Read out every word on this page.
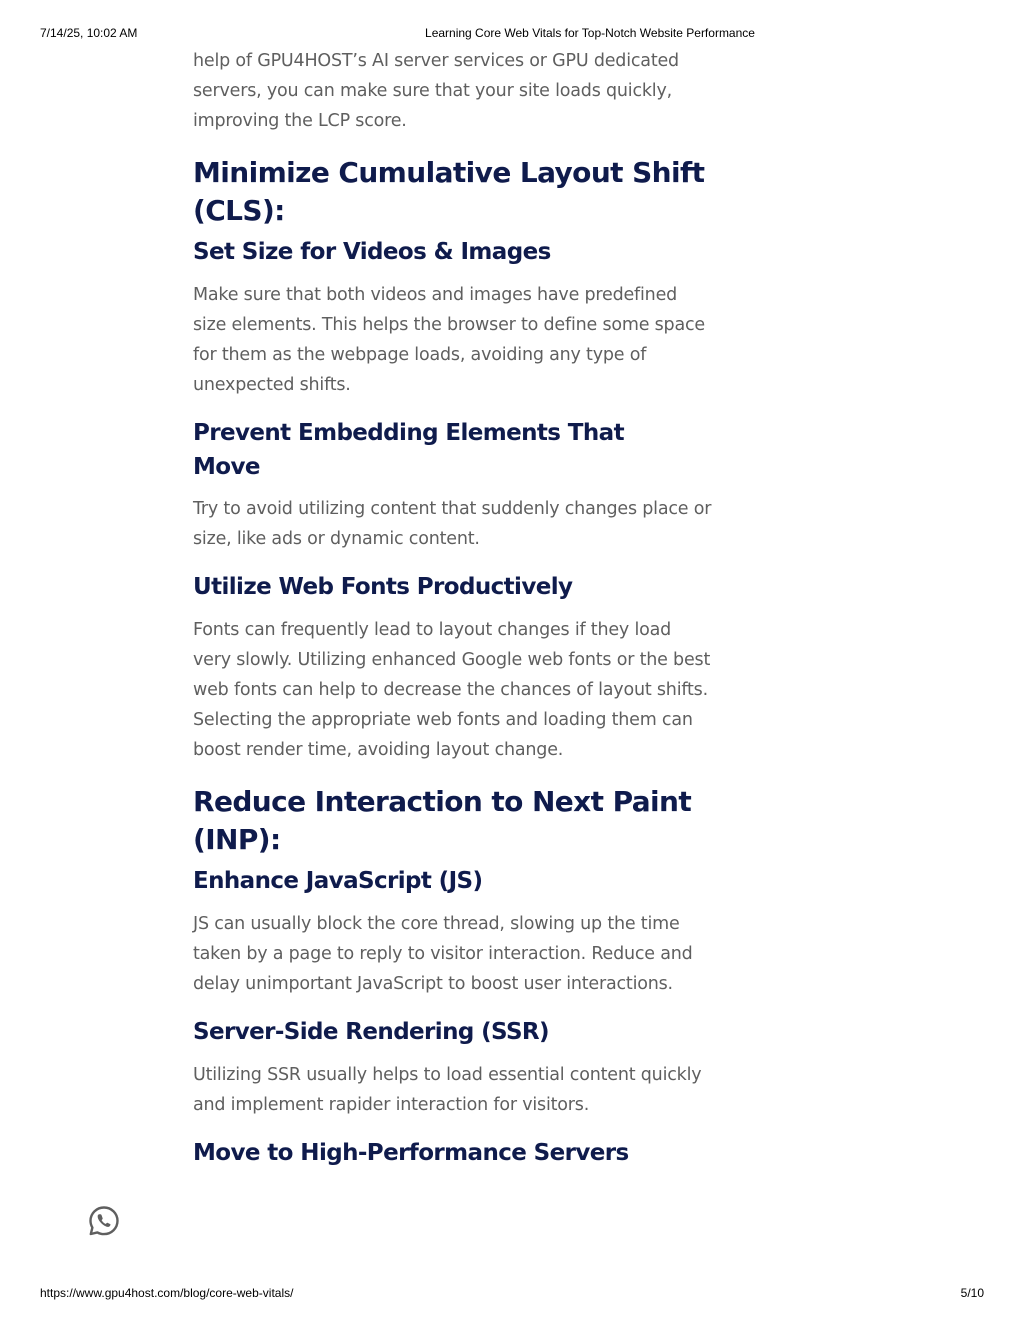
7/14/25, 10:02 AM	Learning Core Web Vitals for Top-Notch Website Performance

help of GPU4HOST’s AI server services or GPU dedicated servers, you can make sure that your site loads quickly, improving the LCP score.

Minimize Cumulative Layout Shift (CLS):
Set Size for Videos & Images

Make sure that both videos and images have predefined size elements. This helps the browser to define some space for them as the webpage loads, avoiding any type of unexpected shifts.

Prevent Embedding Elements That Move

Try to avoid utilizing content that suddenly changes place or size, like ads or dynamic content.

Utilize Web Fonts Productively

Fonts can frequently lead to layout changes if they load very slowly. Utilizing enhanced Google web fonts or the best web fonts can help to decrease the chances of layout shifts. Selecting the appropriate web fonts and loading them can boost render time, avoiding layout change.

Reduce Interaction to Next Paint (INP):
Enhance JavaScript (JS)

JS can usually block the core thread, slowing up the time taken by a page to reply to visitor interaction. Reduce and delay unimportant JavaScript to boost user interactions.

Server-Side Rendering (SSR)

Utilizing SSR usually helps to load essential content quickly and implement rapider interaction for visitors.

Move to High-Performance Servers
https://www.gpu4host.com/blog/core-web-vitals/	5/10
